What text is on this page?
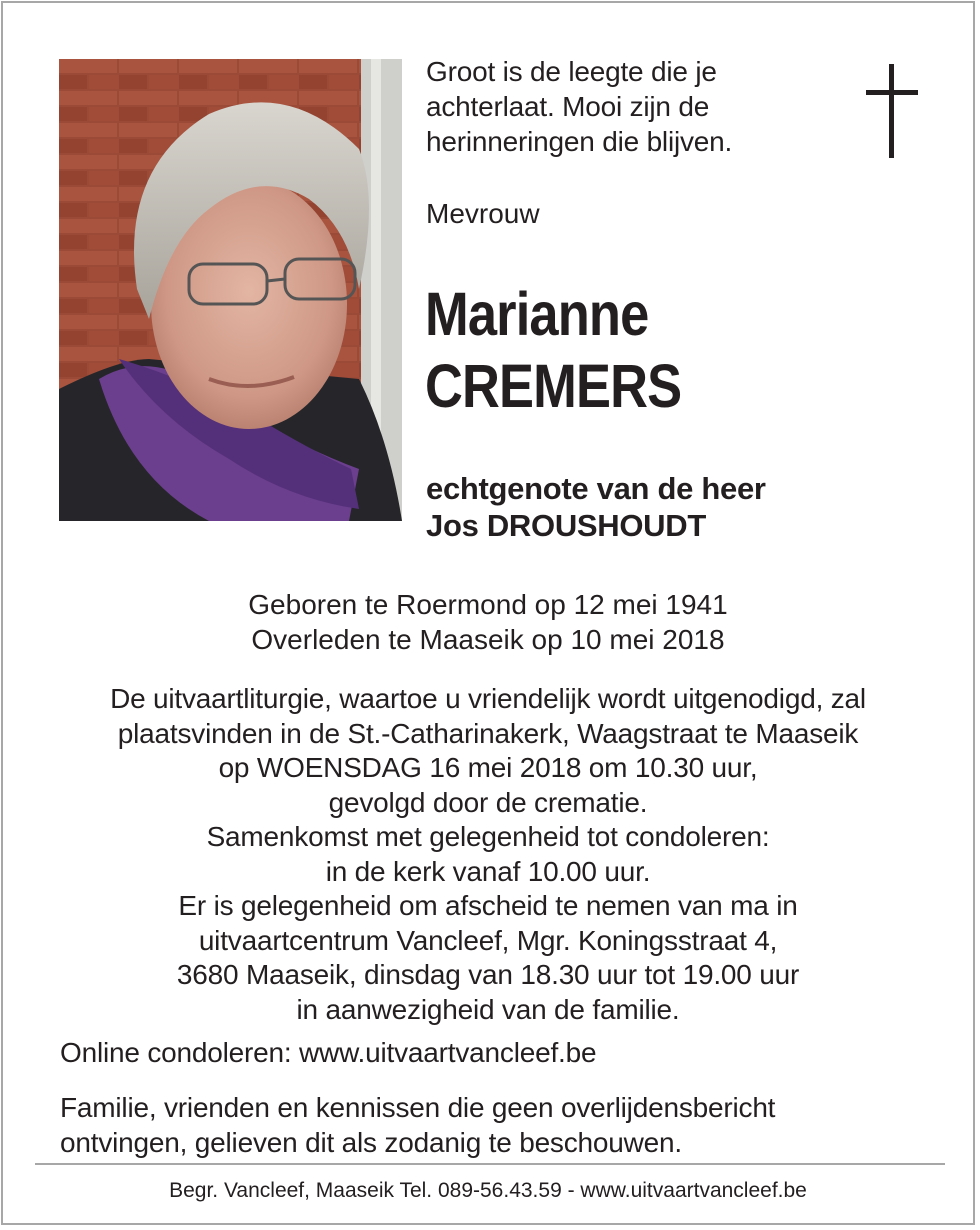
Groot is de leegte die je
achterlaat. Mooi zijn de
herinneringen die blijven.
Mevrouw
Marianne
CREMERS
echtgenote van de heer
Jos DROUSHOUDT
Geboren te Roermond op 12 mei 1941
Overleden te Maaseik op 10 mei 2018
De uitvaartliturgie, waartoe u vriendelijk wordt uitgenodigd, zal
plaatsvinden in de St.-Catharinakerk, Waagstraat te Maaseik
op WOENSDAG 16 mei 2018 om 10.30 uur,
gevolgd door de crematie.
Samenkomst met gelegenheid tot condoleren:
in de kerk vanaf 10.00 uur.
Er is gelegenheid om afscheid te nemen van ma in
uitvaartcentrum Vancleef, Mgr. Koningsstraat 4,
3680 Maaseik, dinsdag van 18.30 uur tot 19.00 uur
in aanwezigheid van de familie.
Online condoleren: www.uitvaartvancleef.be
Familie, vrienden en kennissen die geen overlijdensbericht
ontvingen, gelieven dit als zodanig te beschouwen.
Begr. Vancleef, Maaseik Tel. 089-56.43.59 - www.uitvaartvancleef.be
